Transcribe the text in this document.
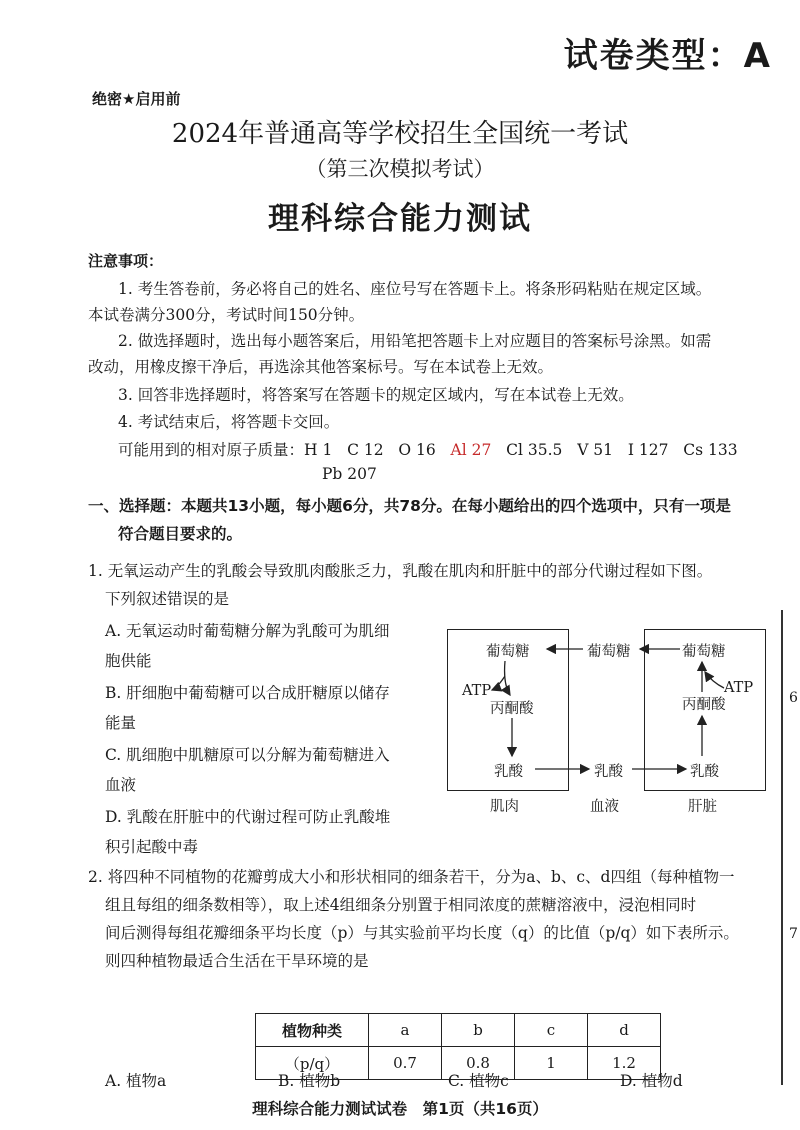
试卷类型：A
绝密★启用前
2024年普通高等学校招生全国统一考试
（第三次模拟考试）
理科综合能力测试
注意事项：
1. 考生答卷前，务必将自己的姓名、座位号写在答题卡上。将条形码粘贴在规定区域。
本试卷满分300分，考试时间150分钟。
2. 做选择题时，选出每小题答案后，用铅笔把答题卡上对应题目的答案标号涂黑。如需
改动，用橡皮擦干净后，再选涂其他答案标号。写在本试卷上无效。
3. 回答非选择题时，将答案写在答题卡的规定区域内，写在本试卷上无效。
4. 考试结束后，将答题卡交回。
可能用到的相对原子质量：H 1 C 12 O 16 Al 27 Cl 35.5 V 51 I 127 Cs 133
Pb 207
一、选择题：本题共13小题，每小题6分，共78分。在每小题给出的四个选项中，只有一项是
符合题目要求的。
1. 无氧运动产生的乳酸会导致肌肉酸胀乏力，乳酸在肌肉和肝脏中的部分代谢过程如下图。
下列叙述错误的是
A. 无氧运动时葡萄糖分解为乳酸可为肌细
胞供能
B. 肝细胞中葡萄糖可以合成肝糖原以储存
能量
C. 肌细胞中肌糖原可以分解为葡萄糖进入
血液
D. 乳酸在肝脏中的代谢过程可防止乳酸堆
积引起酸中毒
葡萄糖
ATP
丙酮酸
乳酸
葡萄糖
乳酸
葡萄糖
ATP
丙酮酸
乳酸
肌肉	血液	肝脏
2. 将四种不同植物的花瓣剪成大小和形状相同的细条若干，分为a、b、c、d四组（每种植物一
组且每组的细条数相等），取上述4组细条分别置于相同浓度的蔗糖溶液中，浸泡相同时
间后测得每组花瓣细条平均长度（p）与其实验前平均长度（q）的比值（p/q）如下表所示。
则四种植物最适合生活在干旱环境的是
植物种类	a	b	c	d
（p/q）	0.7	0.8	1	1.2
A. 植物a	B. 植物b	C. 植物c	D. 植物d
6
7
理科综合能力测试试卷　第1页（共16页）
